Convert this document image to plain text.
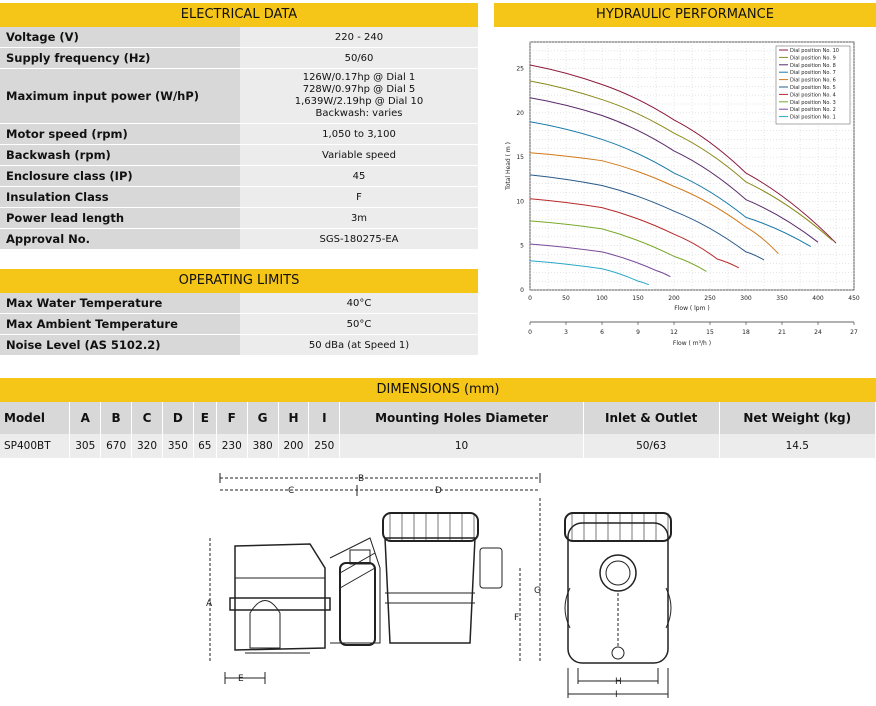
ELECTRICAL DATA
Voltage (V)	220 - 240
Supply frequency (Hz)	50/60
Maximum input power (W/hP)	126W/0.17hp @ Dial 1
728W/0.97hp @ Dial 5
1,639W/2.19hp @ Dial 10
Backwash: varies
Motor speed (rpm)	1,050 to 3,100
Backwash (rpm)	Variable speed
Enclosure class (IP)	45
Insulation Class	F
Power lead length	3m
Approval No.	SGS-180275-EA
OPERATING LIMITS
Max Water Temperature	40°C
Max Ambient Temperature	50°C
Noise Level (AS 5102.2)	50 dBa (at Speed 1)
HYDRAULIC PERFORMANCE
0	50	100	150	200	250	300	350	400	450
0
5
10
15
20
25
Flow ( lpm )
Total Head ( m )
0	3	6	9	12	15	18	21	24	27
Flow ( m³/h )
Dial position No. 10
Dial position No. 9
Dial position No. 8
Dial position No. 7
Dial position No. 6
Dial position No. 5
Dial position No. 4
Dial position No. 3
Dial position No. 2
Dial position No. 1
DIMENSIONS (mm)
Model	A	B	C	D	E	F	G	H	I	Mounting Holes Diameter	Inlet & Outlet	Net Weight (kg)
SP400BT	305	670	320	350	65	230	380	200	250	10	50/63	14.5
B
C	D
A
F
G
E	H
I
